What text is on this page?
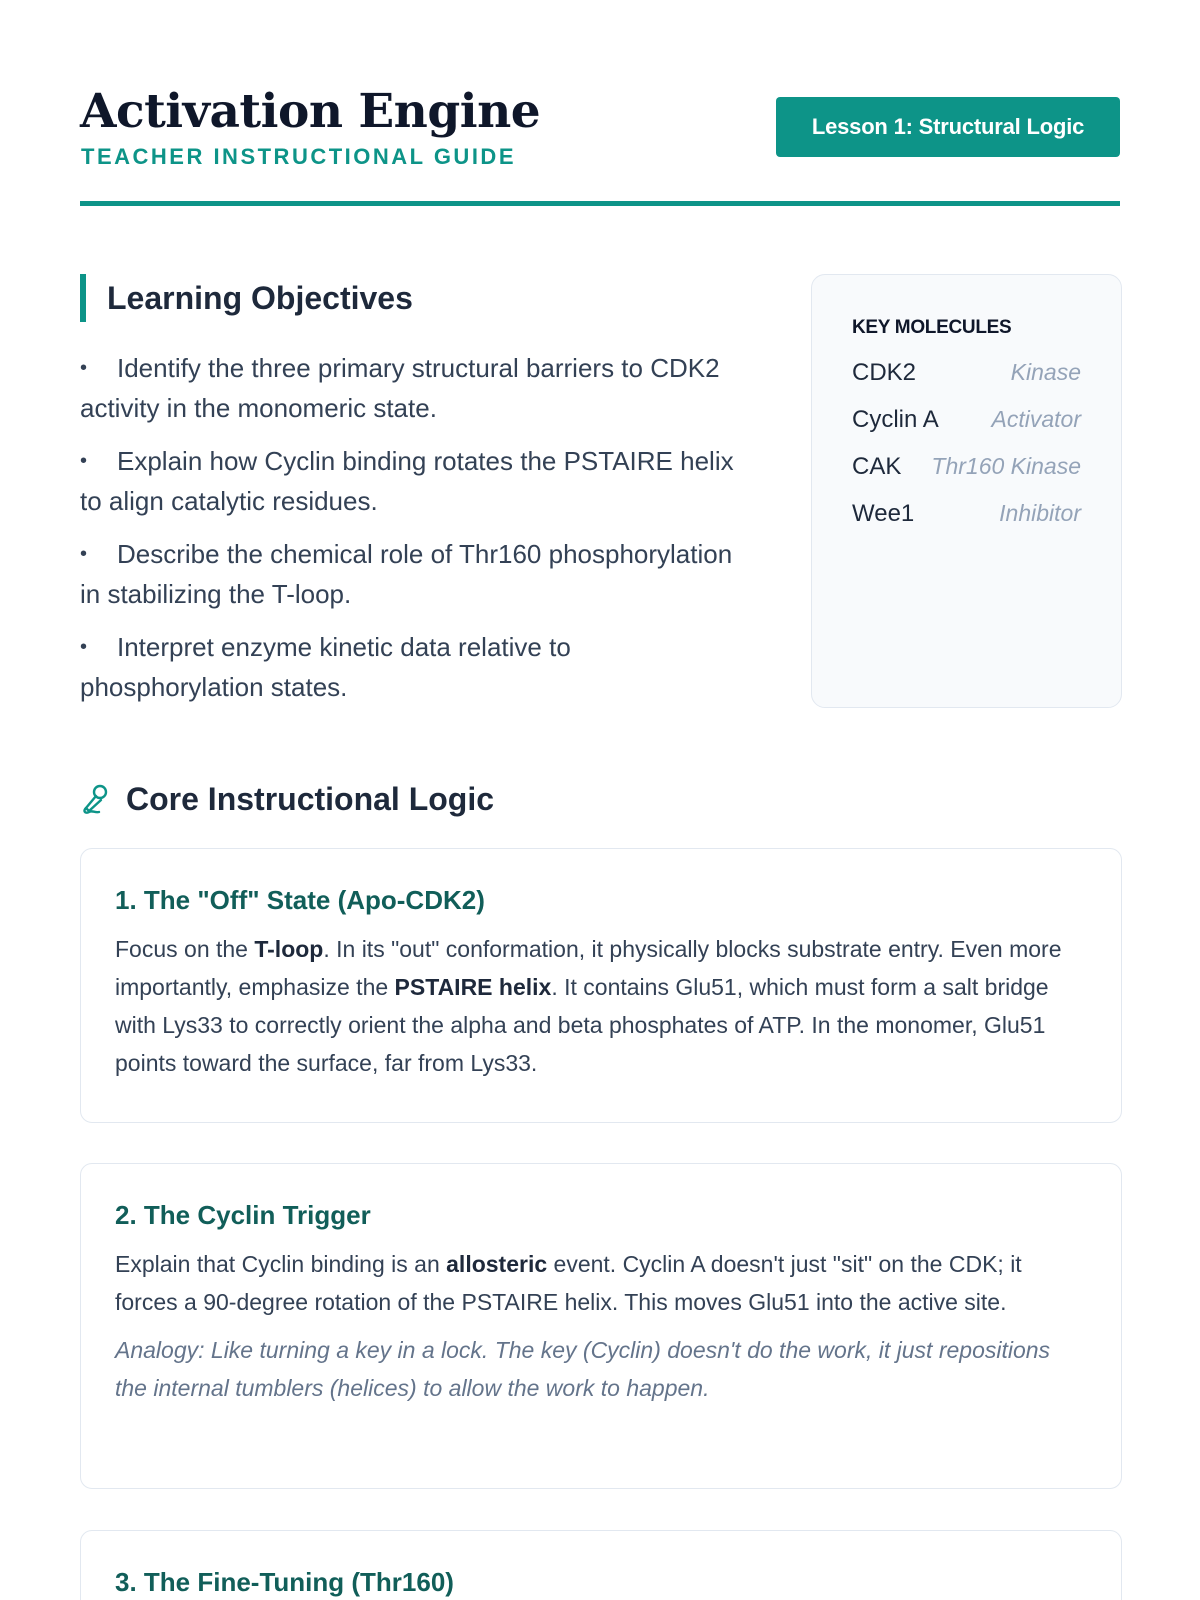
Activation Engine
TEACHER INSTRUCTIONAL GUIDE
Lesson 1: Structural Logic
Learning Objectives
• Identify the three primary structural barriers to CDK2 activity in the monomeric state.
• Explain how Cyclin binding rotates the PSTAIRE helix to align catalytic residues.
• Describe the chemical role of Thr160 phosphorylation in stabilizing the T-loop.
• Interpret enzyme kinetic data relative to phosphorylation states.
KEY MOLECULES
CDK2	Kinase
Cyclin A Activator
CAK Thr160 Kinase
Wee1	Inhibitor
Core Instructional Logic
1. The "Off" State (Apo-CDK2)

Focus on the T-loop. In its "out" conformation, it physically blocks substrate entry. Even more importantly, emphasize the PSTAIRE helix. It contains Glu51, which must form a salt bridge with Lys33 to correctly orient the alpha and beta phosphates of ATP. In the monomer, Glu51 points toward the surface, far from Lys33.

2. The Cyclin Trigger

Explain that Cyclin binding is an allosteric event. Cyclin A doesn't just "sit" on the CDK; it forces a 90-degree rotation of the PSTAIRE helix. This moves Glu51 into the active site.

Analogy: Like turning a key in a lock. The key (Cyclin) doesn't do the work, it just repositions the internal tumblers (helices) to allow the work to happen.

3. The Fine-Tuning (Thr160)
